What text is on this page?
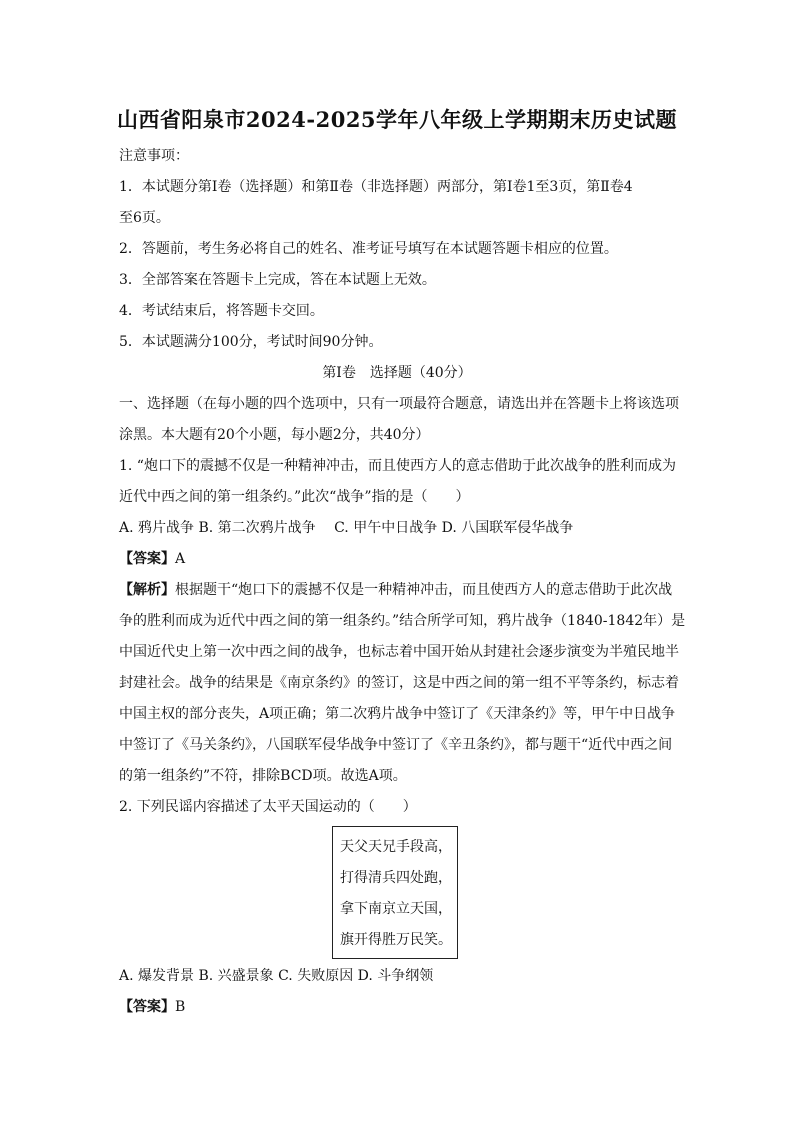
山西省阳泉市2024-2025学年八年级上学期期末历史试题
注意事项：
1．本试题分第Ⅰ卷（选择题）和第Ⅱ卷（非选择题）两部分，第Ⅰ卷1至3页，第Ⅱ卷4
至6页。
2．答题前，考生务必将自己的姓名、准考证号填写在本试题答题卡相应的位置。
3．全部答案在答题卡上完成，答在本试题上无效。
4．考试结束后，将答题卡交回。
5．本试题满分100分，考试时间90分钟。
第Ⅰ卷　选择题（40分）
一、选择题（在每小题的四个选项中，只有一项最符合题意，请选出并在答题卡上将该选项
涂黑。本大题有20个小题，每小题2分，共40分）
1. “炮口下的震撼不仅是一种精神冲击，而且使西方人的意志借助于此次战争的胜利而成为
近代中西之间的第一组条约。”此次“战争”指的是（　　）
A. 鸦片战争 B. 第二次鸦片战争　 C. 甲午中日战争 D. 八国联军侵华战争
【答案】A
【解析】根据题干“炮口下的震撼不仅是一种精神冲击，而且使西方人的意志借助于此次战
争的胜利而成为近代中西之间的第一组条约。”结合所学可知，鸦片战争（1840-1842年）是
中国近代史上第一次中西之间的战争，也标志着中国开始从封建社会逐步演变为半殖民地半
封建社会。战争的结果是《南京条约》的签订，这是中西之间的第一组不平等条约，标志着
中国主权的部分丧失，A项正确；第二次鸦片战争中签订了《天津条约》等，甲午中日战争
中签订了《马关条约》，八国联军侵华战争中签订了《辛丑条约》，都与题干“近代中西之间
的第一组条约”不符，排除BCD项。故选A项。
2. 下列民谣内容描述了太平天国运动的（　　）
天父天兄手段高，
打得清兵四处跑，
拿下南京立天国，
旗开得胜万民笑。
A. 爆发背景 B. 兴盛景象 C. 失败原因 D. 斗争纲领
【答案】B
